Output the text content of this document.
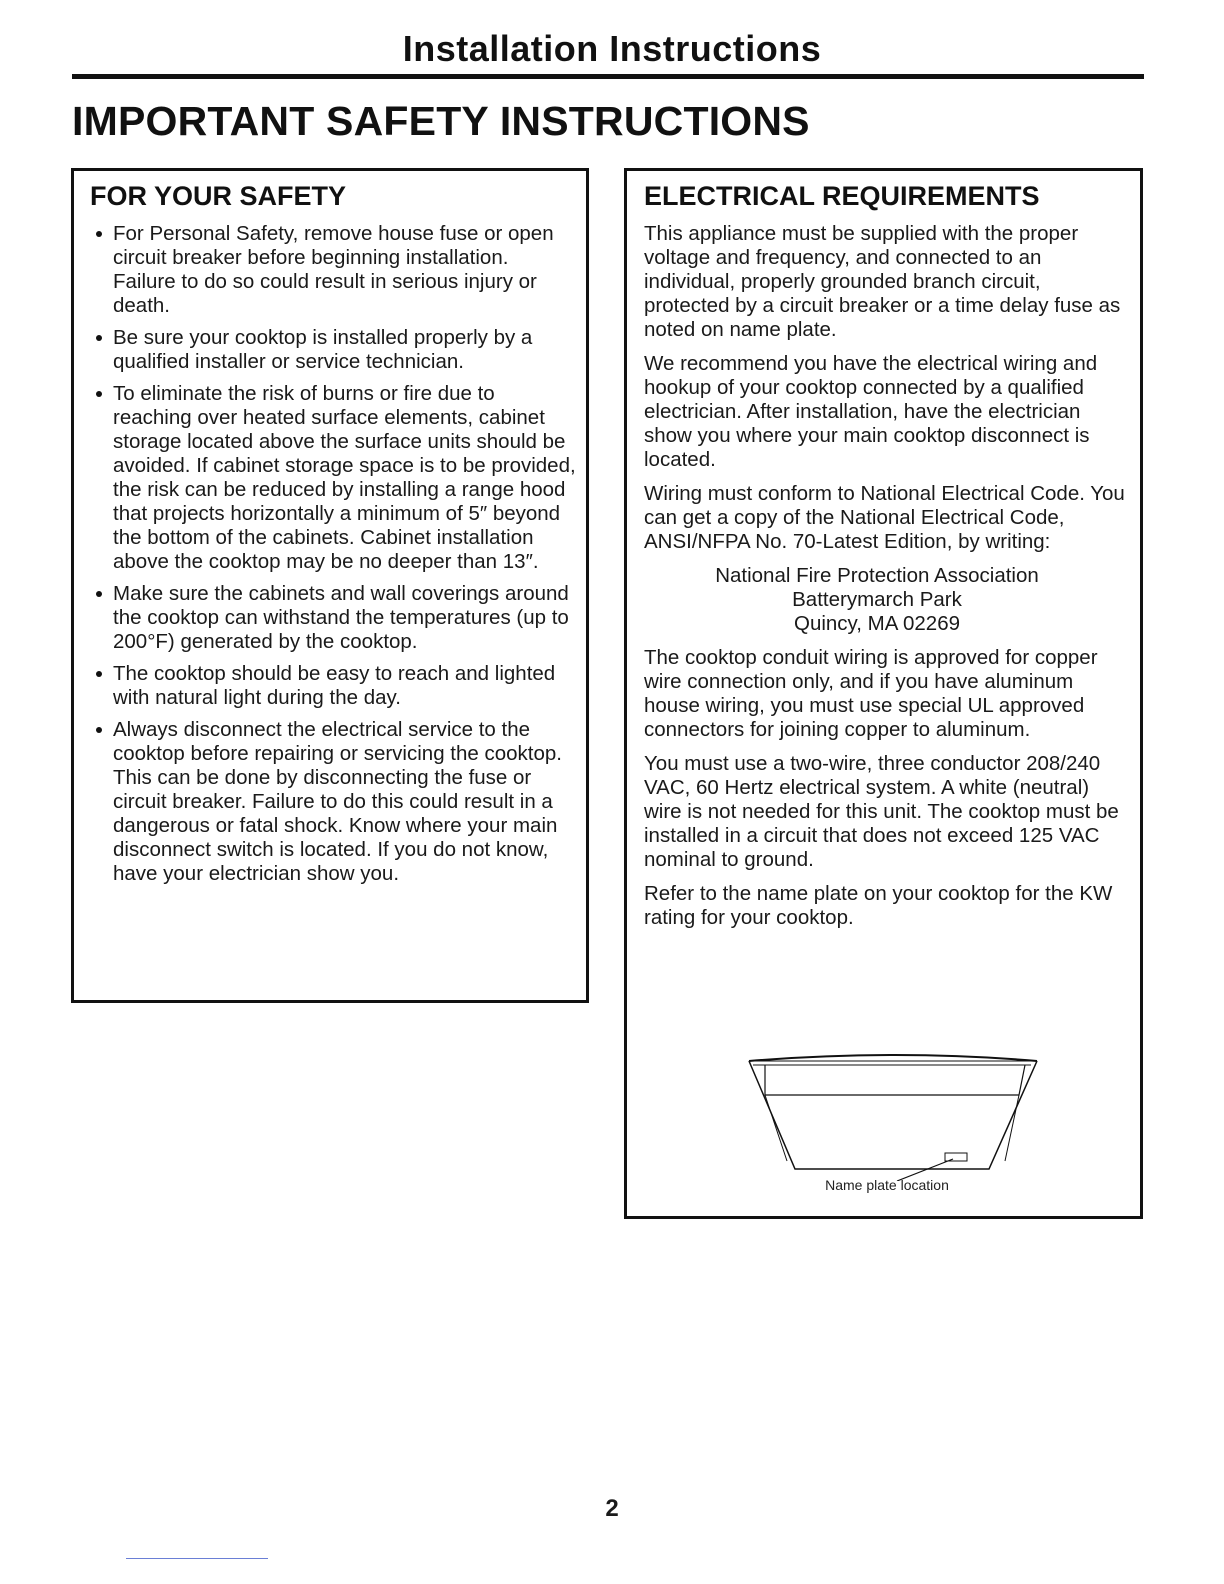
Installation Instructions
IMPORTANT SAFETY INSTRUCTIONS
FOR YOUR SAFETY
For Personal Safety, remove house fuse or open circuit breaker before beginning installation. Failure to do so could result in serious injury or death.
Be sure your cooktop is installed properly by a qualified installer or service technician.
To eliminate the risk of burns or fire due to reaching over heated surface elements, cabinet storage located above the surface units should be avoided. If cabinet storage space is to be provided, the risk can be reduced by installing a range hood that projects horizontally a minimum of 5″ beyond the bottom of the cabinets. Cabinet installation above the cooktop may be no deeper than 13″.
Make sure the cabinets and wall coverings around the cooktop can withstand the temperatures (up to 200°F) generated by the cooktop.
The cooktop should be easy to reach and lighted with natural light during the day.
Always disconnect the electrical service to the cooktop before repairing or servicing the cooktop. This can be done by disconnecting the fuse or circuit breaker. Failure to do this could result in a dangerous or fatal shock. Know where your main disconnect switch is located. If you do not know, have your electrician show you.
ELECTRICAL REQUIREMENTS

This appliance must be supplied with the proper voltage and frequency, and connected to an individual, properly grounded branch circuit, protected by a circuit breaker or a time delay fuse as noted on name plate.

We recommend you have the electrical wiring and hookup of your cooktop connected by a qualified electrician. After installation, have the electrician show you where your main cooktop disconnect is located.

Wiring must conform to National Electrical Code. You can get a copy of the National Electrical Code, ANSI/NFPA No. 70-Latest Edition, by writing:

National Fire Protection Association
Batterymarch Park
Quincy, MA 02269

The cooktop conduit wiring is approved for copper wire connection only, and if you have aluminum house wiring, you must use special UL approved connectors for joining copper to aluminum.

You must use a two-wire, three conductor 208/240 VAC, 60 Hertz electrical system. A white (neutral) wire is not needed for this unit. The cooktop must be installed in a circuit that does not exceed 125 VAC nominal to ground.

Refer to the name plate on your cooktop for the KW rating for your cooktop.

Name plate location
2
